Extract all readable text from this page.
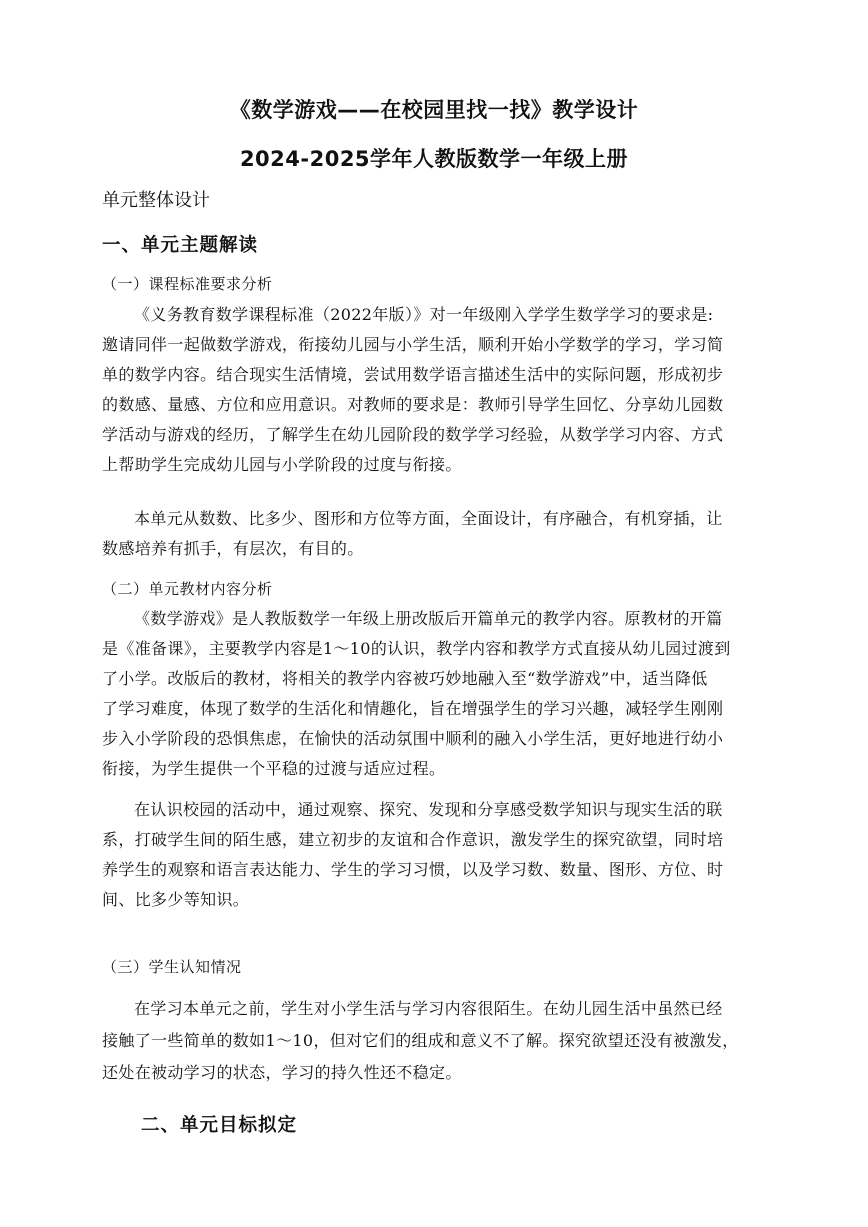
《数学游戏——在校园里找一找》教学设计
2024-2025学年人教版数学一年级上册
单元整体设计
一、单元主题解读
（一）课程标准要求分析
《义务教育数学课程标准（2022年版）》对一年级刚入学学生数学学习的要求是:
邀请同伴一起做数学游戏，衔接幼儿园与小学生活，顺利开始小学数学的学习，学习简
单的数学内容。结合现实生活情境，尝试用数学语言描述生活中的实际问题，形成初步
的数感、量感、方位和应用意识。对教师的要求是：教师引导学生回忆、分享幼儿园数
学活动与游戏的经历，了解学生在幼儿园阶段的数学学习经验，从数学学习内容、方式
上帮助学生完成幼儿园与小学阶段的过度与衔接。
本单元从数数、比多少、图形和方位等方面，全面设计，有序融合，有机穿插，让
数感培养有抓手，有层次，有目的。
（二）单元教材内容分析
《数学游戏》是人教版数学一年级上册改版后开篇单元的教学内容。原教材的开篇
是《准备课》，主要教学内容是1～10的认识，教学内容和教学方式直接从幼儿园过渡到
了小学。改版后的教材，将相关的教学内容被巧妙地融入至“数学游戏”中，适当降低
了学习难度，体现了数学的生活化和情趣化，旨在增强学生的学习兴趣，减轻学生刚刚
步入小学阶段的恐惧焦虑，在愉快的活动氛围中顺利的融入小学生活，更好地进行幼小
衔接，为学生提供一个平稳的过渡与适应过程。
在认识校园的活动中，通过观察、探究、发现和分享感受数学知识与现实生活的联
系，打破学生间的陌生感，建立初步的友谊和合作意识，激发学生的探究欲望，同时培
养学生的观察和语言表达能力、学生的学习习惯，以及学习数、数量、图形、方位、时
间、比多少等知识。
（三）学生认知情况
在学习本单元之前，学生对小学生活与学习内容很陌生。在幼儿园生活中虽然已经
接触了一些简单的数如1～10，但对它们的组成和意义不了解。探究欲望还没有被激发，
还处在被动学习的状态，学习的持久性还不稳定。
二、单元目标拟定
